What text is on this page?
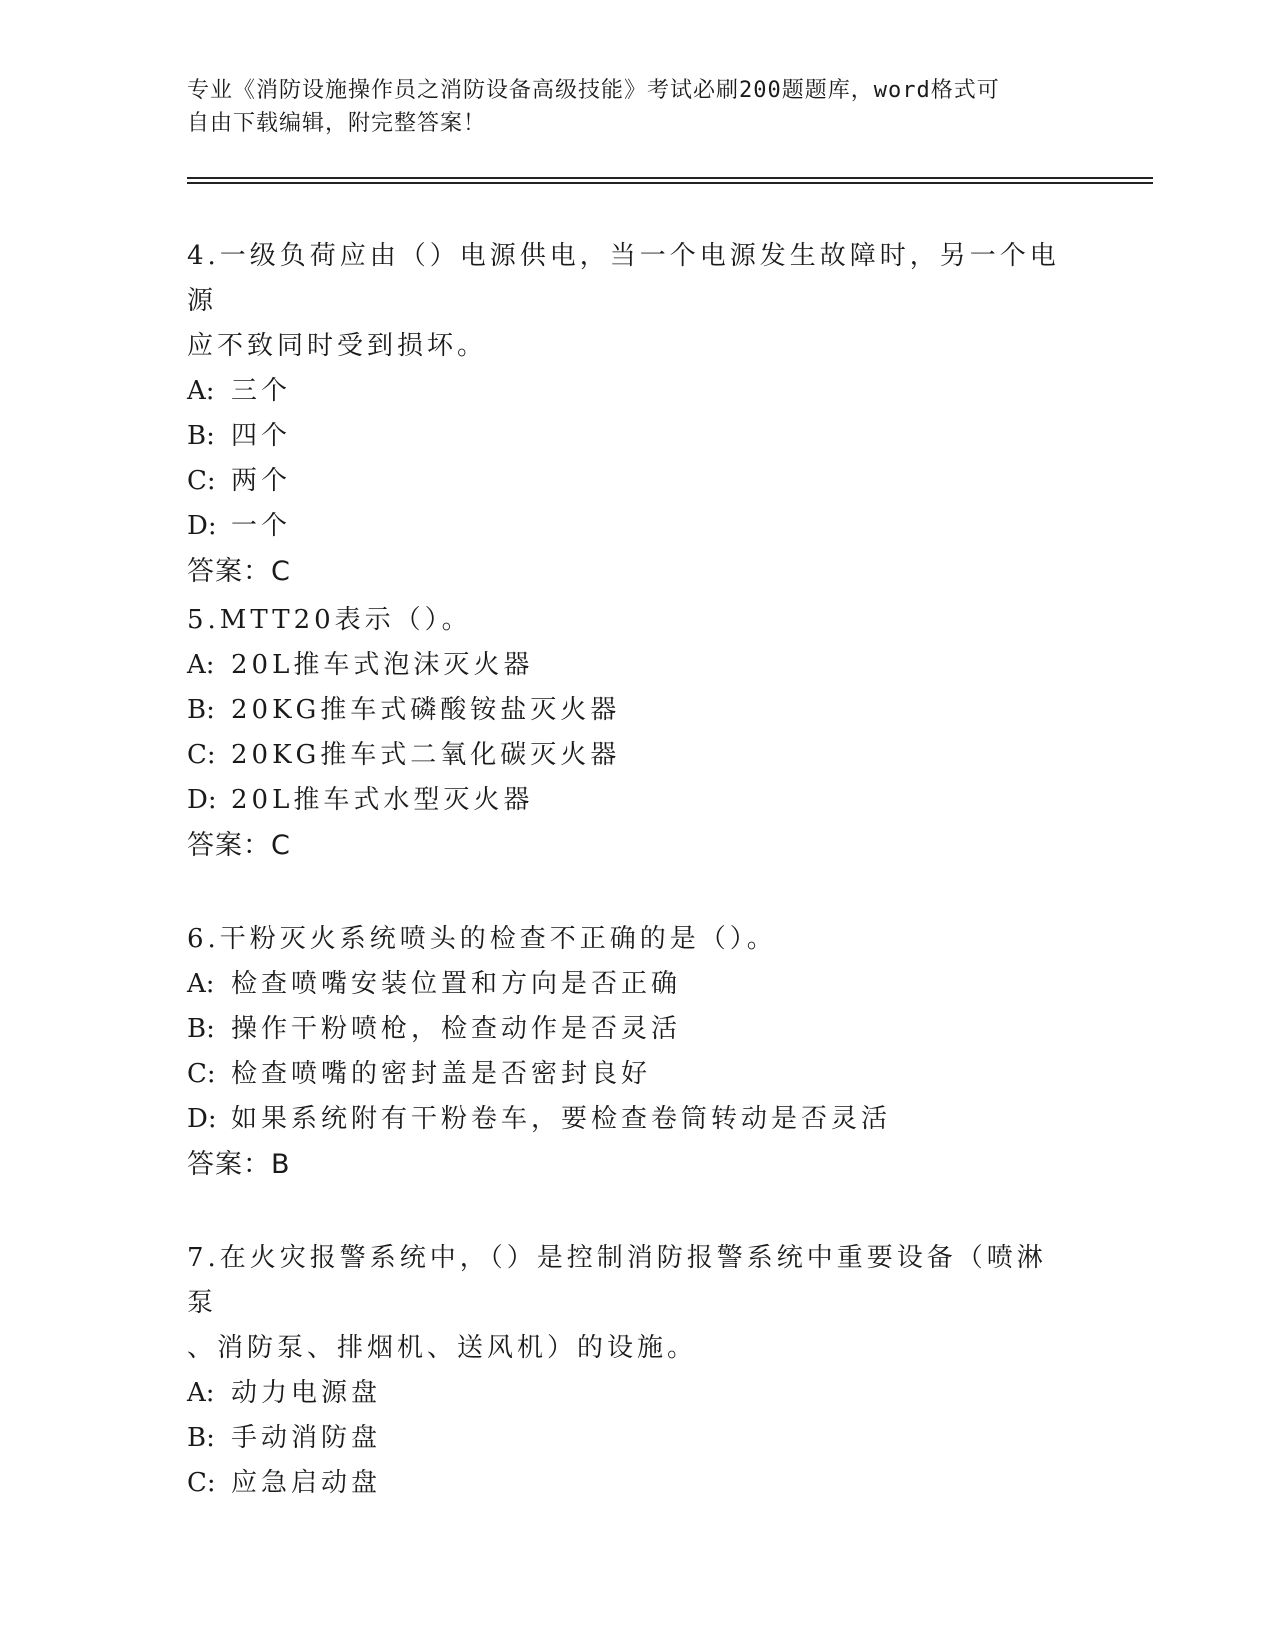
专业《消防设施操作员之消防设备高级技能》考试必刷200题题库，word格式可
自由下载编辑，附完整答案！

4.一级负荷应由（）电源供电，当一个电源发生故障时，另一个电源

应不致同时受到损坏。

A: 三个

B: 四个

C: 两个

D: 一个

答案：C

5.MTT20表示（）。

A: 20L推车式泡沫灭火器

B: 20KG推车式磷酸铵盐灭火器

C: 20KG推车式二氧化碳灭火器

D: 20L推车式水型灭火器

答案：C

6.干粉灭火系统喷头的检查不正确的是（）。

A: 检查喷嘴安装位置和方向是否正确

B: 操作干粉喷枪，检查动作是否灵活

C: 检查喷嘴的密封盖是否密封良好

D: 如果系统附有干粉卷车，要检查卷筒转动是否灵活

答案：B

7.在火灾报警系统中，（）是控制消防报警系统中重要设备（喷淋泵

、消防泵、排烟机、送风机）的设施。

A: 动力电源盘

B: 手动消防盘

C: 应急启动盘
